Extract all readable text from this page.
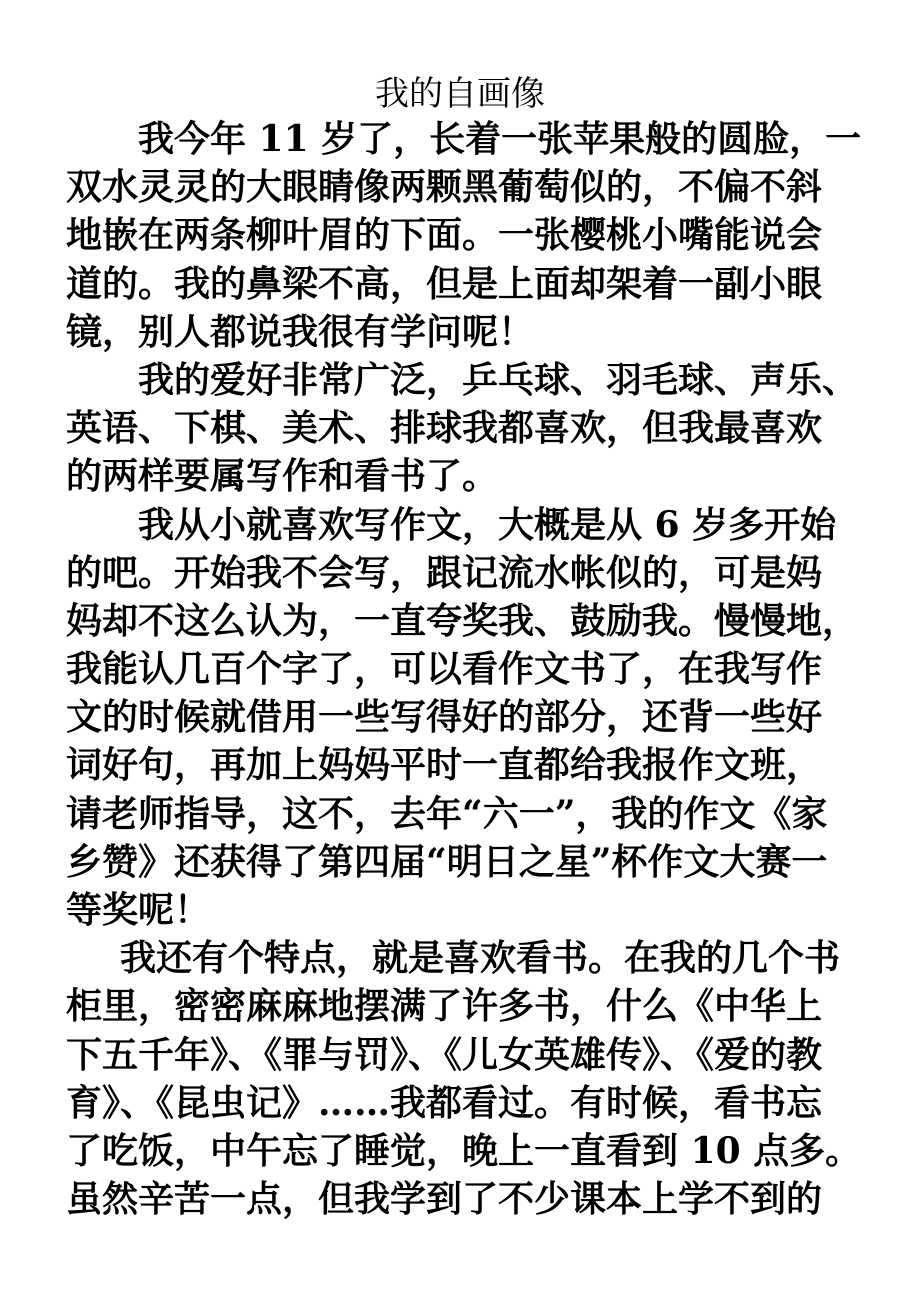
我的自画像
我今年 11 岁了，长着一张苹果般的圆脸，一
双水灵灵的大眼睛像两颗黑葡萄似的，不偏不斜
地嵌在两条柳叶眉的下面。一张樱桃小嘴能说会
道的。我的鼻梁不高，但是上面却架着一副小眼
镜，别人都说我很有学问呢！
我的爱好非常广泛，乒乓球、羽毛球、声乐、
英语、下棋、美术、排球我都喜欢，但我最喜欢
的两样要属写作和看书了。
我从小就喜欢写作文，大概是从 6 岁多开始
的吧。开始我不会写，跟记流水帐似的，可是妈
妈却不这么认为，一直夸奖我、鼓励我。慢慢地，
我能认几百个字了，可以看作文书了，在我写作
文的时候就借用一些写得好的部分，还背一些好
词好句，再加上妈妈平时一直都给我报作文班，
请老师指导，这不，去年“六一”，我的作文《家
乡赞》还获得了第四届“明日之星”杯作文大赛一
等奖呢！
我还有个特点，就是喜欢看书。在我的几个书
柜里，密密麻麻地摆满了许多书，什么《中华上
下五千年》、《罪与罚》、《儿女英雄传》、《爱的教
育》、《昆虫记》……我都看过。有时候，看书忘
了吃饭，中午忘了睡觉，晚上一直看到 10 点多。
虽然辛苦一点，但我学到了不少课本上学不到的
